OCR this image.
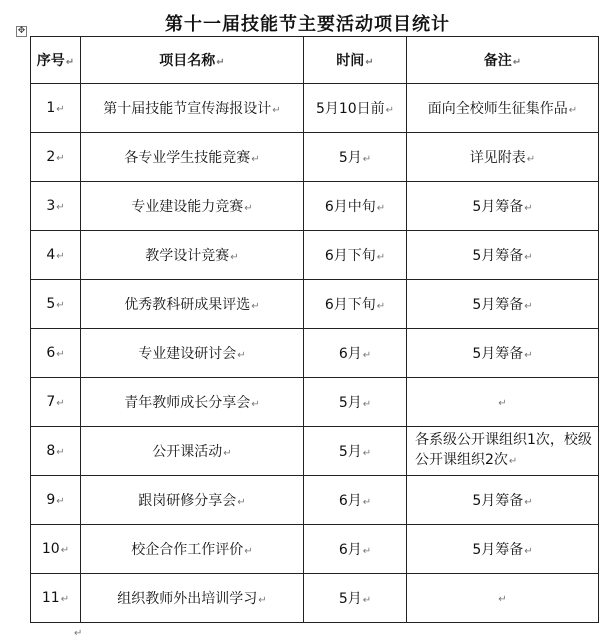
第十一届技能节主要活动项目统计
✥
序号↵	项目名称↵	时间↵	备注↵
1↵	第十届技能节宣传海报设计↵	5月10日前↵	面向全校师生征集作品↵
2↵	各专业学生技能竞赛↵	5月↵	详见附表↵
3↵	专业建设能力竞赛↵	6月中旬↵	5月筹备↵
4↵	教学设计竞赛↵	6月下旬↵	5月筹备↵
5↵	优秀教科研成果评选↵	6月下旬↵	5月筹备↵
6↵	专业建设研讨会↵	6月↵	5月筹备↵
7↵	青年教师成长分享会↵	5月↵	↵
8↵	公开课活动↵	5月↵	各系级公开课组织1次，校级公开课组织2次↵
9↵	跟岗研修分享会↵	6月↵	5月筹备↵
10↵	校企合作工作评价↵	6月↵	5月筹备↵
11↵	组织教师外出培训学习↵	5月↵	↵
↵
